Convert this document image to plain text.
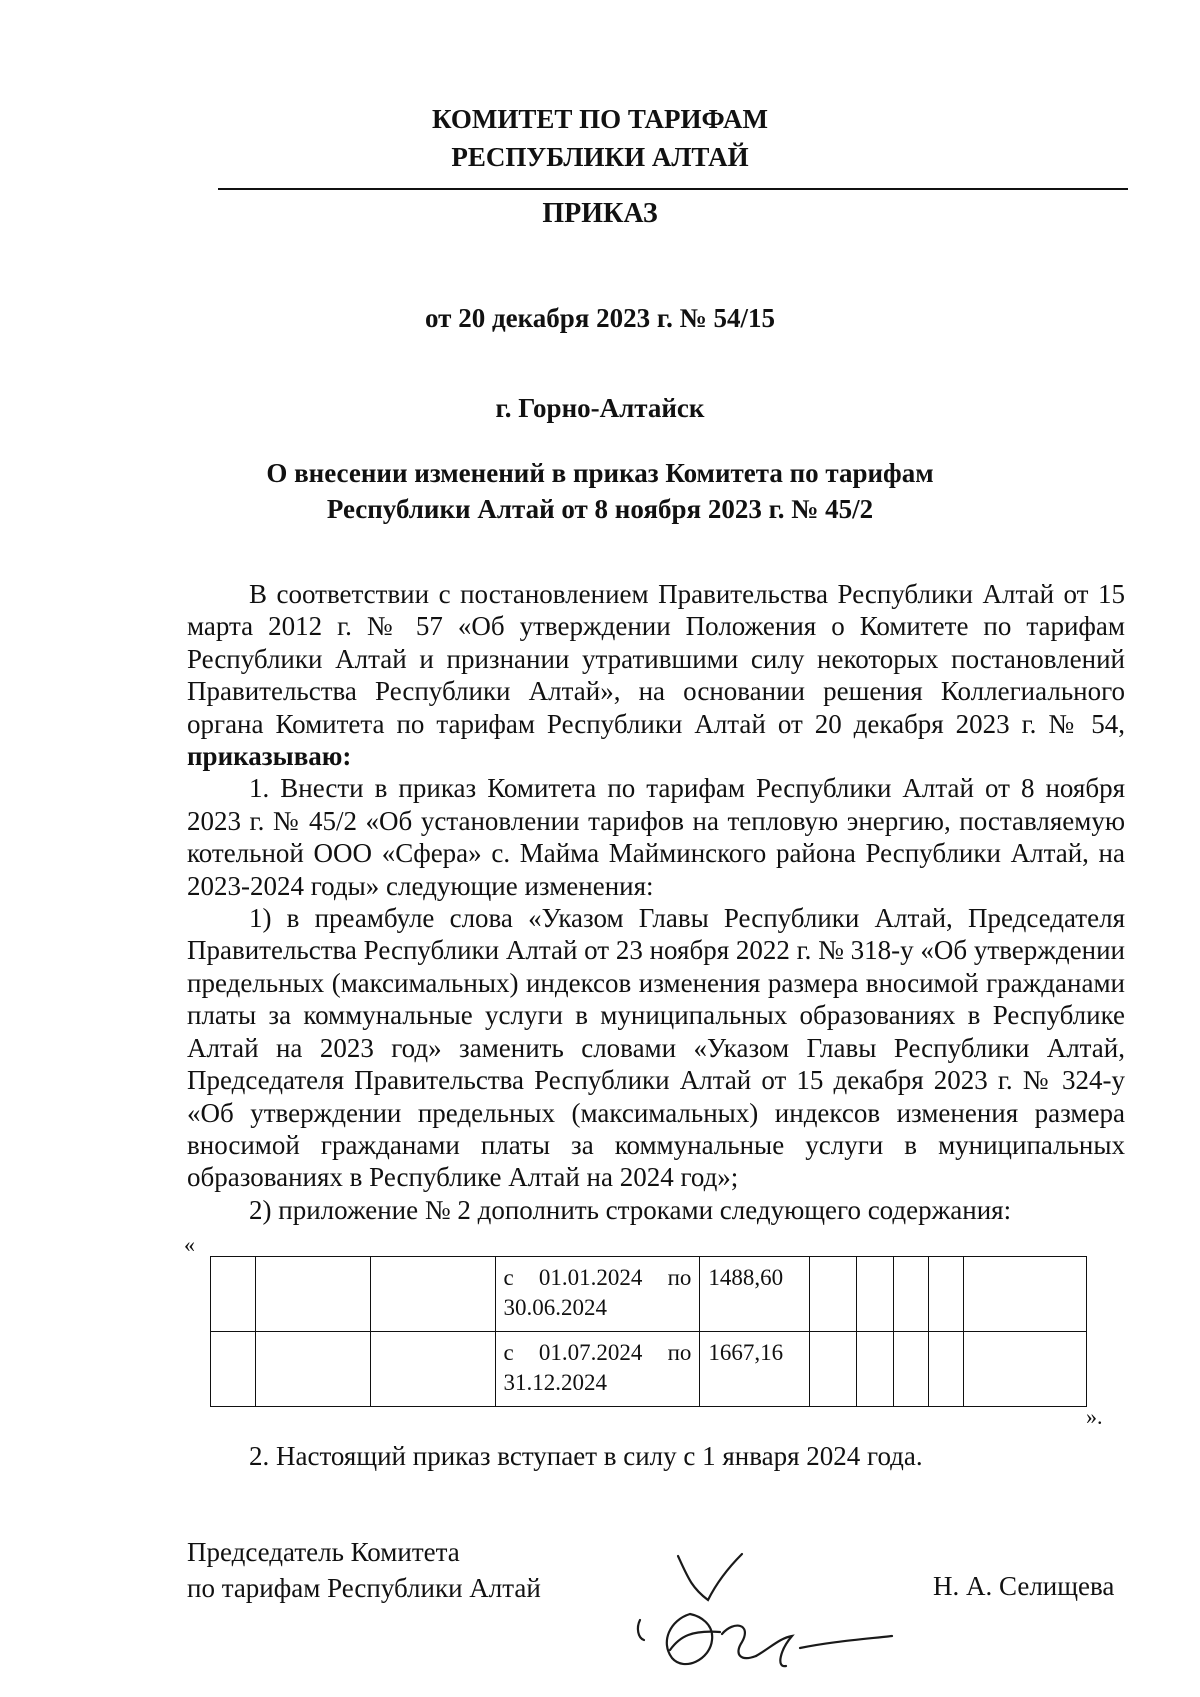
КОМИТЕТ ПО ТАРИФАМ
РЕСПУБЛИКИ АЛТАЙ
ПРИКАЗ
от 20 декабря 2023 г. № 54/15
г. Горно-Алтайск
О внесении изменений в приказ Комитета по тарифам
Республики Алтай от 8 ноября 2023 г. № 45/2

В соответствии с постановлением Правительства Республики Алтай от 15 марта 2012 г. № 57 «Об утверждении Положения о Комитете по тарифам Республики Алтай и признании утратившими силу некоторых постановлений Правительства Республики Алтай», на основании решения Коллегиального органа Комитета по тарифам Республики Алтай от 20 декабря 2023 г. № 54, приказываю:

1. Внести в приказ Комитета по тарифам Республики Алтай от 8 ноября 2023 г. № 45/2 «Об установлении тарифов на тепловую энергию, поставляемую котельной ООО «Сфера» с. Майма Майминского района Республики Алтай, на 2023-2024 годы» следующие изменения:

1) в преамбуле слова «Указом Главы Республики Алтай, Председателя Правительства Республики Алтай от 23 ноября 2022 г. № 318-у «Об утверждении предельных (максимальных) индексов изменения размера вносимой гражданами платы за коммунальные услуги в муниципальных образованиях в Республике Алтай на 2023 год» заменить словами «Указом Главы Республики Алтай, Председателя Правительства Республики Алтай от 15 декабря 2023 г. № 324-у «Об утверждении предельных (максимальных) индексов изменения размера вносимой гражданами платы за коммунальные услуги в муниципальных образованиях в Республике Алтай на 2024 год»;

2) приложение № 2 дополнить строками следующего содержания:

«

			с 01.01.2024 по
30.06.2024	1488,60					

			с 01.07.2024 по
31.12.2024	1667,16					
».

2. Настоящий приказ вступает в силу с 1 января 2024 года.

Председатель Комитета
по тарифам Республики Алтай	Н. А. Селищева
